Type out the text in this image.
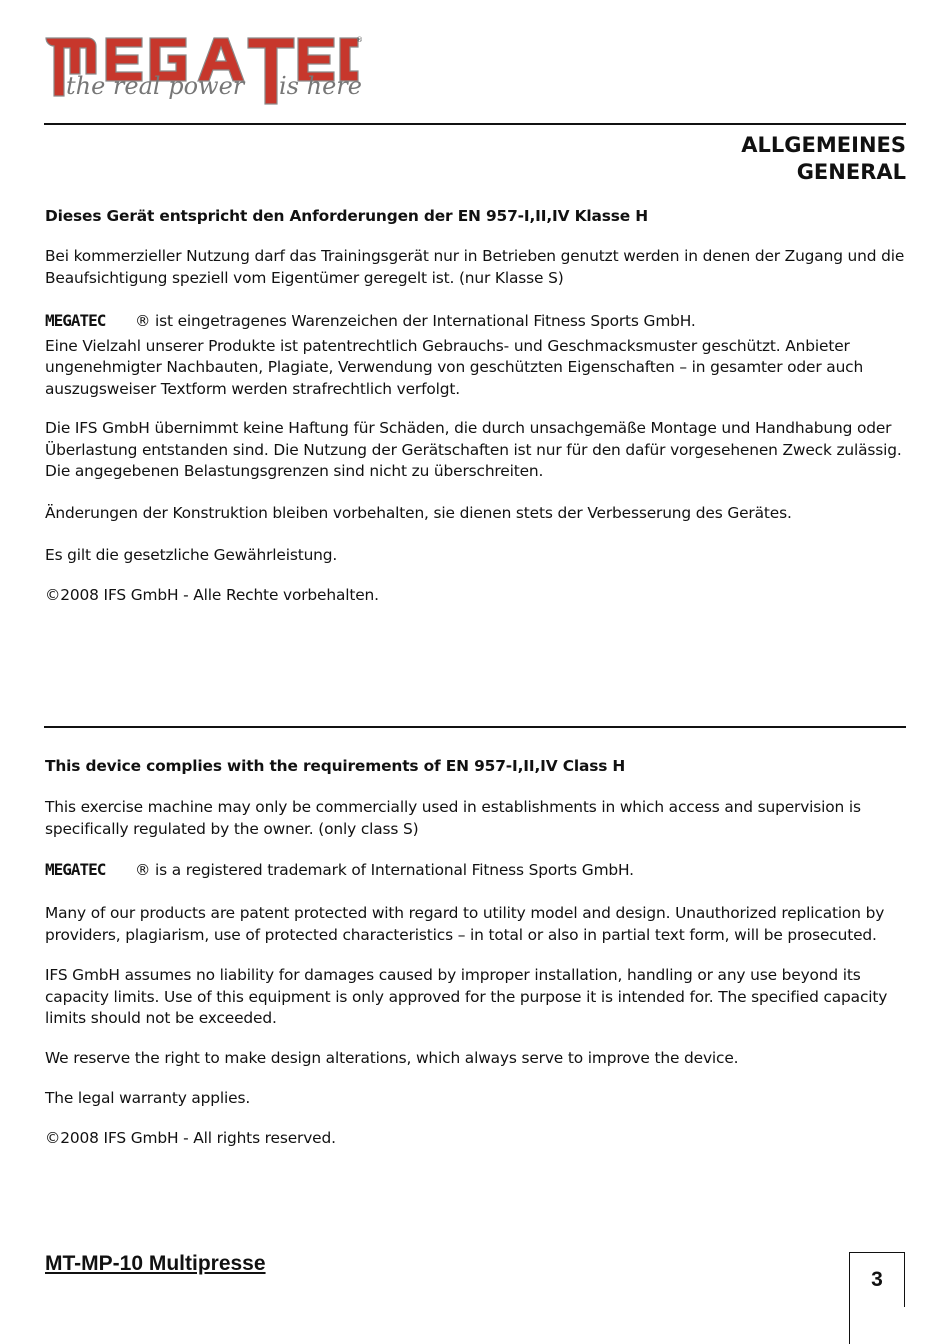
®
the real power is here
ALLGEMEINES
GENERAL

Dieses Gerät entspricht den Anforderungen der EN 957-I,II,IV Klasse H

Bei kommerzieller Nutzung darf das Trainingsgerät nur in Betrieben genutzt werden in denen der Zugang und die Beaufsichtigung speziell vom Eigentümer geregelt ist. (nur Klasse S)

MEGATEC ® ist eingetragenes Warenzeichen der International Fitness Sports GmbH.

Eine Vielzahl unserer Produkte ist patentrechtlich Gebrauchs- und Geschmacksmuster geschützt. Anbieter ungenehmigter Nachbauten, Plagiate, Verwendung von geschützten Eigenschaften – in gesamter oder auch auszugsweiser Textform werden strafrechtlich verfolgt.

Die IFS GmbH übernimmt keine Haftung für Schäden, die durch unsachgemäße Montage und Handhabung oder Überlastung entstanden sind. Die Nutzung der Gerätschaften ist nur für den dafür vorgesehenen Zweck zulässig. Die angegebenen Belastungsgrenzen sind nicht zu überschreiten.

Änderungen der Konstruktion bleiben vorbehalten, sie dienen stets der Verbesserung des Gerätes.

Es gilt die gesetzliche Gewährleistung.

©2008 IFS GmbH - Alle Rechte vorbehalten.

This device complies with the requirements of EN 957-I,II,IV Class H

This exercise machine may only be commercially used in establishments in which access and supervision is specifically regulated by the owner. (only class S)

MEGATEC ® is a registered trademark of International Fitness Sports GmbH.

Many of our products are patent protected with regard to utility model and design. Unauthorized replication by providers, plagiarism, use of protected characteristics – in total or also in partial text form, will be prosecuted.

IFS GmbH assumes no liability for damages caused by improper installation, handling or any use beyond its capacity limits. Use of this equipment is only approved for the purpose it is intended for. The specified capacity limits should not be exceeded.

We reserve the right to make design alterations, which always serve to improve the device.

The legal warranty applies.

©2008 IFS GmbH - All rights reserved.

MT-MP-10 Multipresse
3
